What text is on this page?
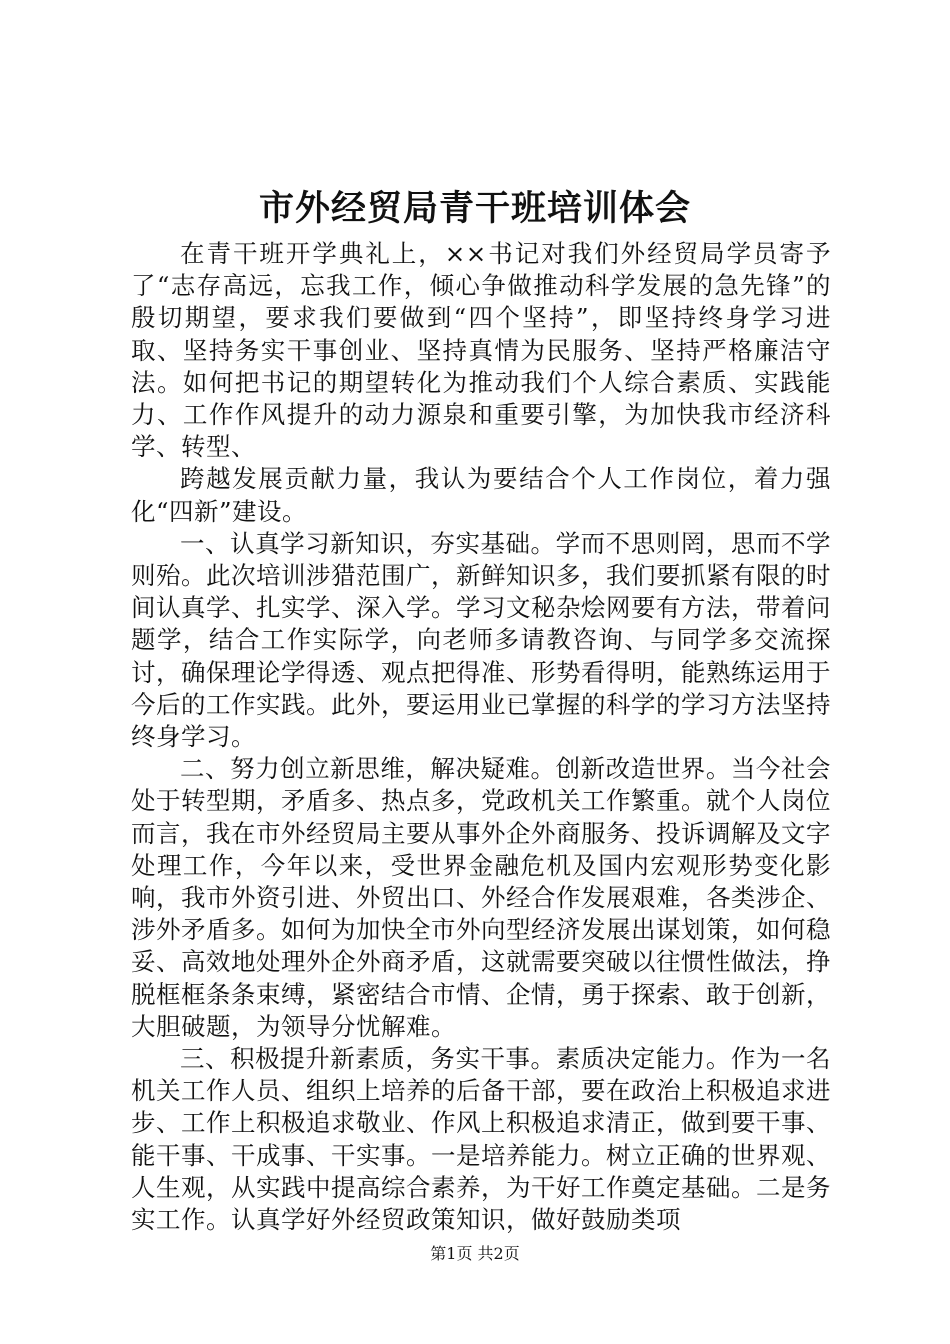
市外经贸局青干班培训体会

在青干班开学典礼上，××书记对我们外经贸局学员寄予了“志存高远，忘我工作，倾心争做推动科学发展的急先锋”的殷切期望，要求我们要做到“四个坚持”，即坚持终身学习进取、坚持务实干事创业、坚持真情为民服务、坚持严格廉洁守法。如何把书记的期望转化为推动我们个人综合素质、实践能力、工作作风提升的动力源泉和重要引擎，为加快我市经济科学、转型、

跨越发展贡献力量，我认为要结合个人工作岗位，着力强化“四新”建设。

一、认真学习新知识，夯实基础。学而不思则罔，思而不学则殆。此次培训涉猎范围广，新鲜知识多，我们要抓紧有限的时间认真学、扎实学、深入学。学习文秘杂烩网要有方法，带着问题学，结合工作实际学，向老师多请教咨询、与同学多交流探讨，确保理论学得透、观点把得准、形势看得明，能熟练运用于今后的工作实践。此外，要运用业已掌握的科学的学习方法坚持终身学习。

二、努力创立新思维，解决疑难。创新改造世界。当今社会处于转型期，矛盾多、热点多，党政机关工作繁重。就个人岗位而言，我在市外经贸局主要从事外企外商服务、投诉调解及文字处理工作，今年以来，受世界金融危机及国内宏观形势变化影响，我市外资引进、外贸出口、外经合作发展艰难，各类涉企、涉外矛盾多。如何为加快全市外向型经济发展出谋划策，如何稳妥、高效地处理外企外商矛盾，这就需要突破以往惯性做法，挣脱框框条条束缚，紧密结合市情、企情，勇于探索、敢于创新，大胆破题，为领导分忧解难。

三、积极提升新素质，务实干事。素质决定能力。作为一名机关工作人员、组织上培养的后备干部，要在政治上积极追求进步、工作上积极追求敬业、作风上积极追求清正，做到要干事、能干事、干成事、干实事。一是培养能力。树立正确的世界观、人生观，从实践中提高综合素养，为干好工作奠定基础。二是务实工作。认真学好外经贸政策知识，做好鼓励类项

第1页 共2页
